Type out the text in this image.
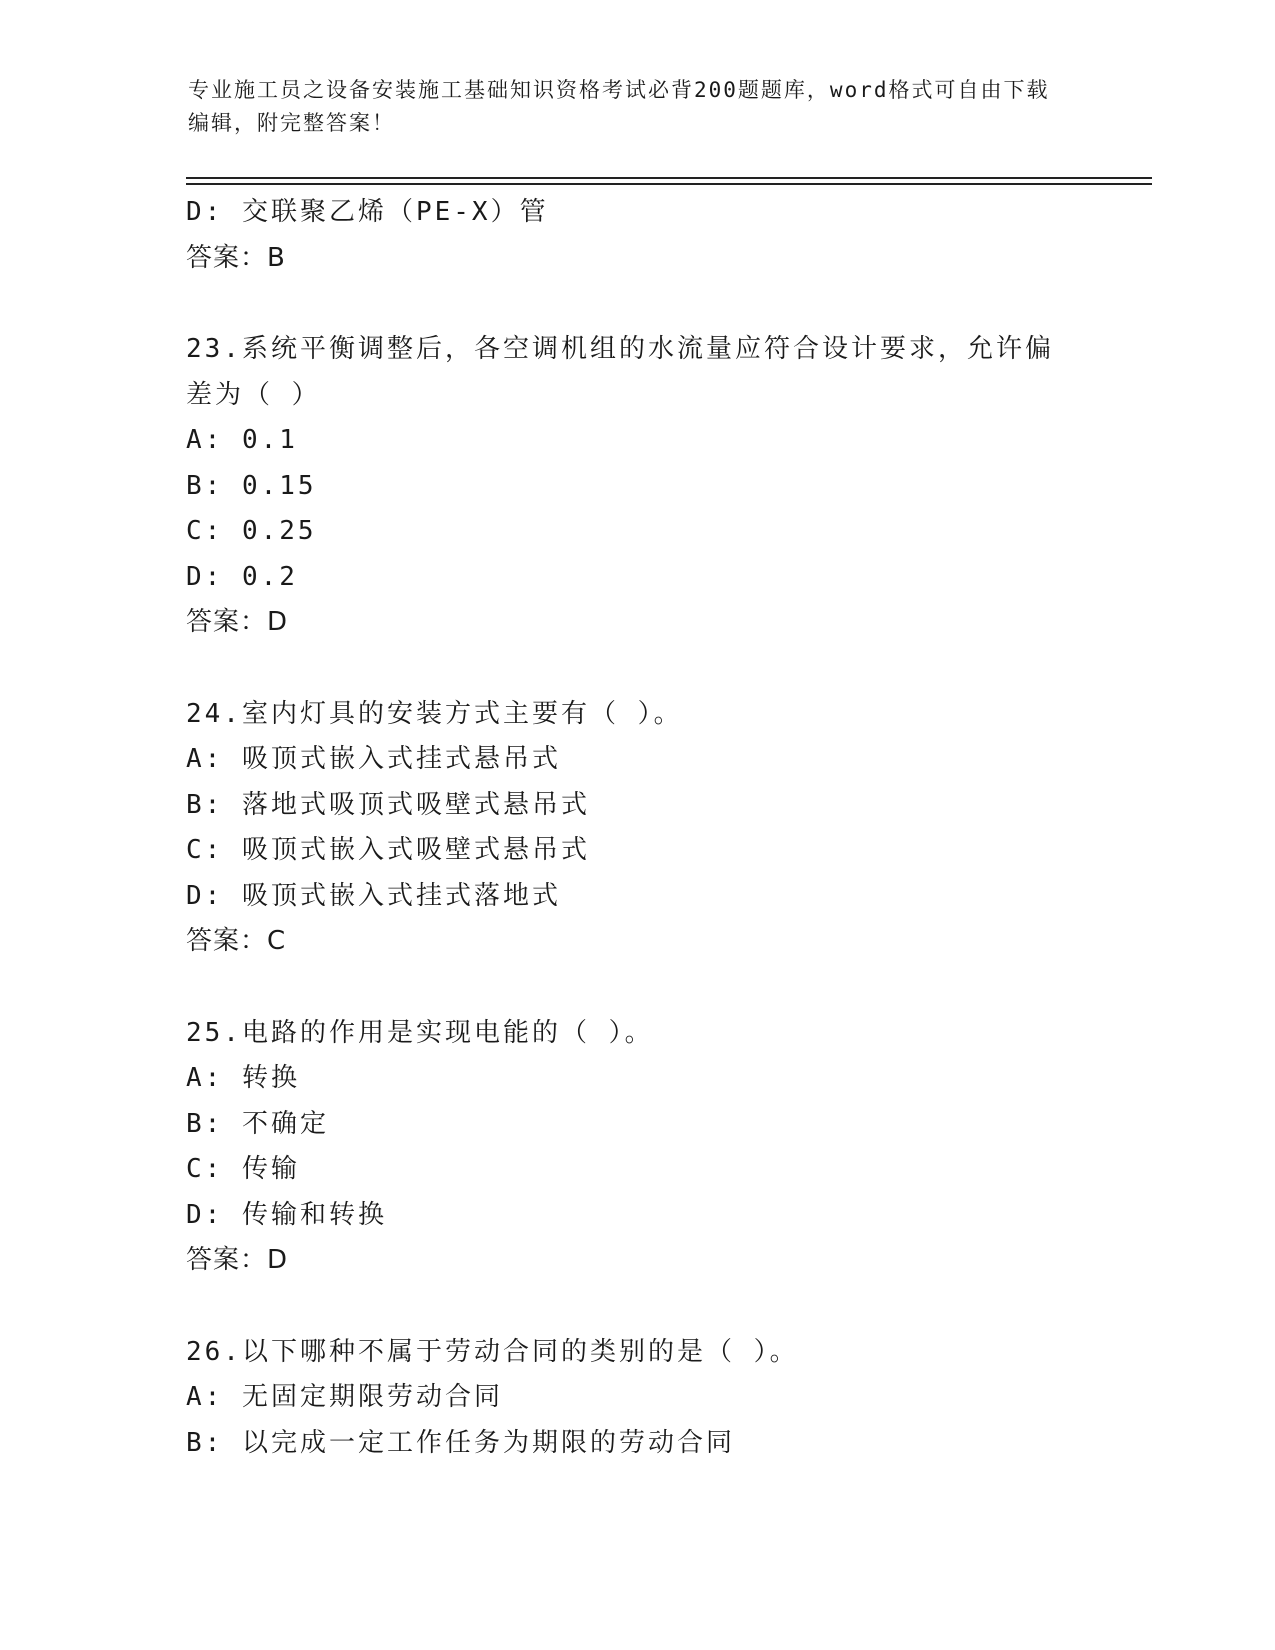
专业施工员之设备安装施工基础知识资格考试必背200题题库，word格式可自由下载编辑，附完整答案！
D: 交联聚乙烯（PE-X）管
答案：B
23.系统平衡调整后，各空调机组的水流量应符合设计要求，允许偏差为（ ）
A: 0.1
B: 0.15
C: 0.25
D: 0.2
答案：D
24.室内灯具的安装方式主要有（ ）。
A: 吸顶式嵌入式挂式悬吊式
B: 落地式吸顶式吸壁式悬吊式
C: 吸顶式嵌入式吸壁式悬吊式
D: 吸顶式嵌入式挂式落地式
答案：C
25.电路的作用是实现电能的（ ）。
A: 转换
B: 不确定
C: 传输
D: 传输和转换
答案：D
26.以下哪种不属于劳动合同的类别的是（ ）。
A: 无固定期限劳动合同
B: 以完成一定工作任务为期限的劳动合同
